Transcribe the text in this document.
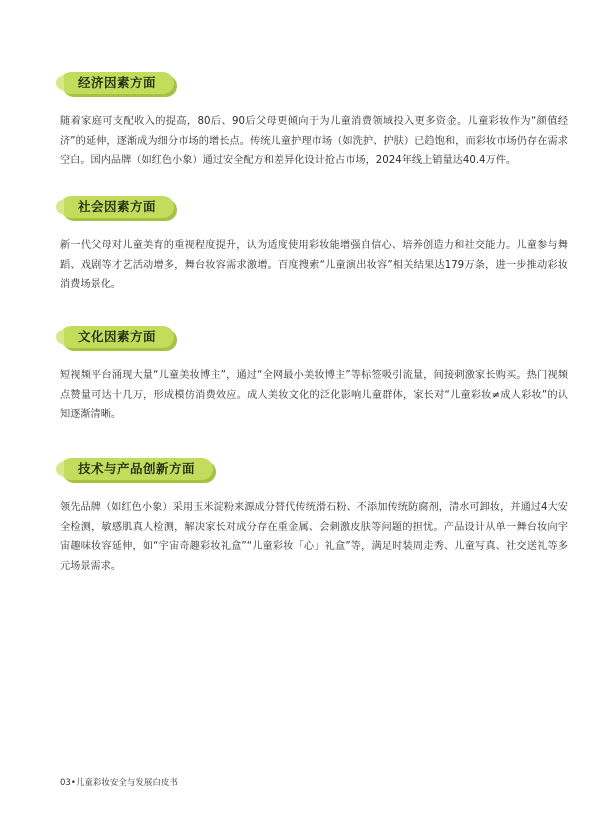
经济因素方面

随着家庭可支配收入的提高，80后、90后父母更倾向于为儿童消费领域投入更多资金。儿童彩妆作为“颜值经济”的延伸，逐渐成为细分市场的增长点。传统儿童护理市场（如洗护、护肤）已趋饱和，而彩妆市场仍存在需求空白。国内品牌（如红色小象）通过安全配方和差异化设计抢占市场，2024年线上销量达40.4万件。

社会因素方面

新一代父母对儿童美育的重视程度提升，认为适度使用彩妆能增强自信心、培养创造力和社交能力。儿童参与舞蹈、戏剧等才艺活动增多，舞台妆容需求激增。百度搜索“儿童演出妆容”相关结果达179万条，进一步推动彩妆消费场景化。

文化因素方面

短视频平台涌现大量“儿童美妆博主”，通过“全网最小美妆博主”等标签吸引流量，间接刺激家长购买。热门视频点赞量可达十几万，形成模仿消费效应。成人美妆文化的泛化影响儿童群体，家长对“儿童彩妆≠成人彩妆”的认知逐渐清晰。

技术与产品创新方面

领先品牌（如红色小象）采用玉米淀粉来源成分替代传统滑石粉、不添加传统防腐剂，清水可卸妆，并通过4大安全检测，敏感肌真人检测，解决家长对成分存在重金属、会刺激皮肤等问题的担忧。产品设计从单一舞台妆向宇宙趣味妆容延伸，如“宇宙奇趣彩妆礼盒”“儿童彩妆「心」礼盒”等，满足时装周走秀、儿童写真、社交送礼等多元场景需求。

03•儿童彩妆安全与发展白皮书
